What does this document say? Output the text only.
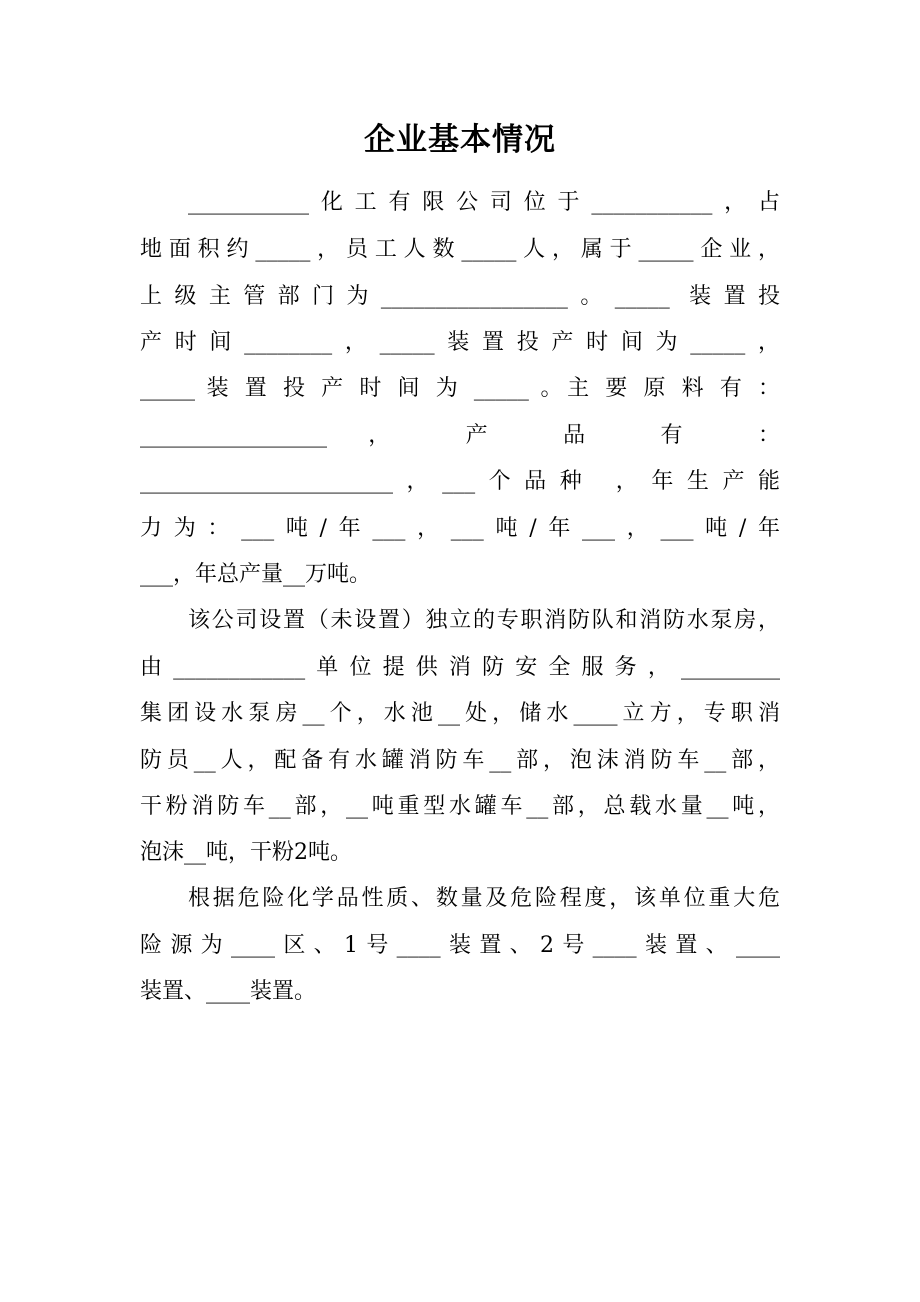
企业基本情况
___________化工有限公司位于___________，占
地面积约_____，员工人数_____人，属于_____企业，
上级主管部门为_________________。_____ 装置投
产时间________，_____装置投产时间为_____，
_____ 装 置 投 产 时 间 为 _____ 。主 要 原 料 有 ：
_________________ ， 产 品 有 ：
_______________________，___个品种 ，年生产能
力为：___吨/年___，___吨/年___，___吨/年
___，年总产量__万吨。
该公司设置（未设置）独立的专职消防队和消防水泵房，
由____________单位提供消防安全服务，_________
集团设水泵房__个，水池__处，储水____立方，专职消
防员__人，配备有水罐消防车__部，泡沫消防车__部，
干粉消防车__部，__吨重型水罐车__部，总载水量__吨，
泡沫__吨，干粉2吨。
根据危险化学品性质、数量及危险程度，该单位重大危
险源为____区、1号____装置、2号____装置、____
装置、____装置。
